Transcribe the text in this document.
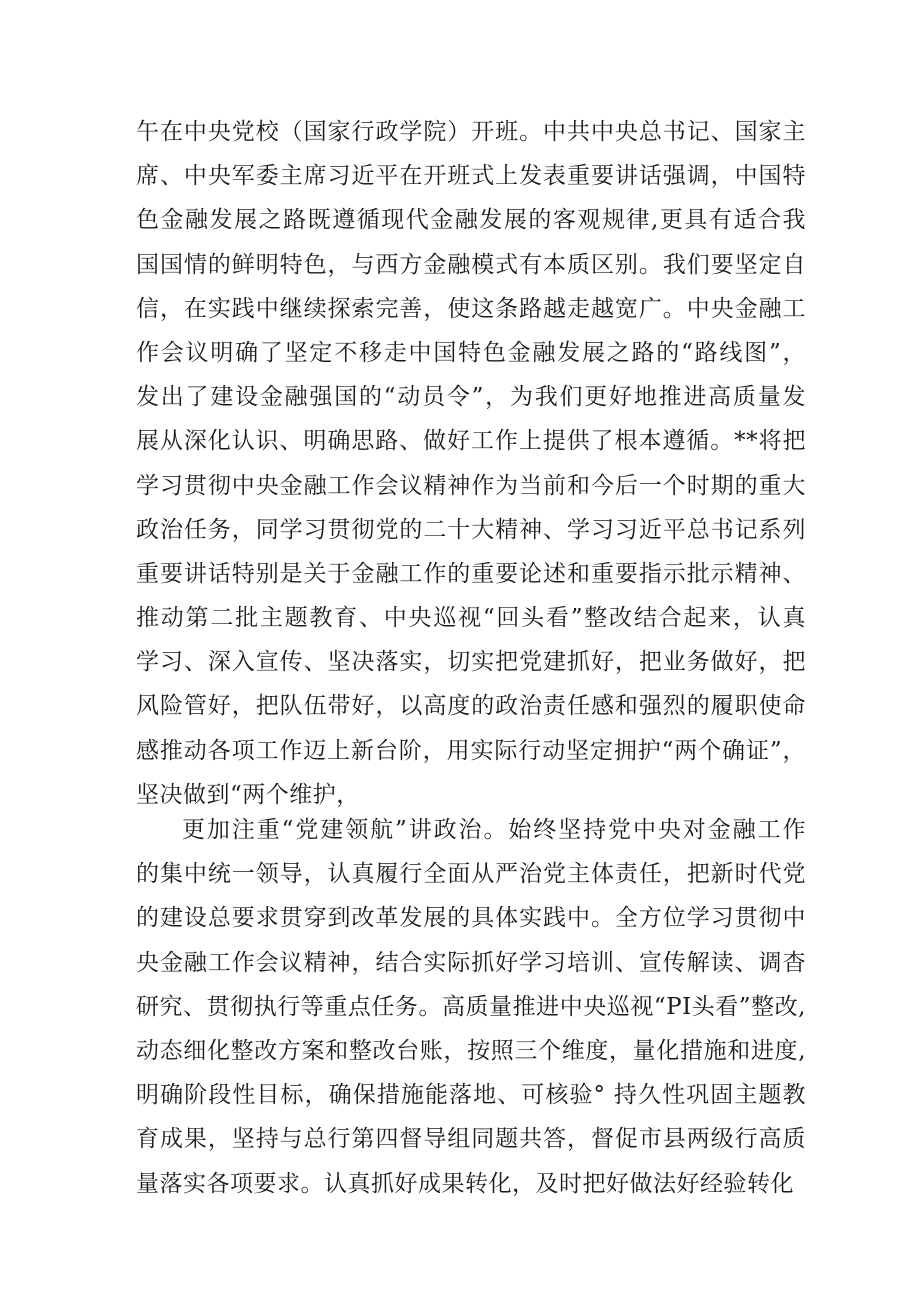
午在中央党校（国家行政学院）开班。中共中央总书记、国家主
席、中央军委主席习近平在开班式上发表重要讲话强调，中国特
色金融发展之路既遵循现代金融发展的客观规律,更具有适合我
国国情的鲜明特色，与西方金融模式有本质区别。我们要坚定自
信，在实践中继续探索完善，使这条路越走越宽广。中央金融工
作会议明确了坚定不移走中国特色金融发展之路的“路线图”，
发出了建设金融强国的“动员令”，为我们更好地推进高质量发
展从深化认识、明确思路、做好工作上提供了根本遵循。**将把
学习贯彻中央金融工作会议精神作为当前和今后一个时期的重大
政治任务，同学习贯彻党的二十大精神、学习习近平总书记系列
重要讲话特别是关于金融工作的重要论述和重要指示批示精神、
推动第二批主题教育、中央巡视“回头看”整改结合起来，认真
学习、深入宣传、坚决落实，切实把党建抓好，把业务做好，把
风险管好，把队伍带好，以高度的政治责任感和强烈的履职使命
感推动各项工作迈上新台阶，用实际行动坚定拥护“两个确证”，
坚决做到“两个维护，
更加注重“党建领航”讲政治。始终坚持党中央对金融工作
的集中统一领导，认真履行全面从严治党主体责任，把新时代党
的建设总要求贯穿到改革发展的具体实践中。全方位学习贯彻中
央金融工作会议精神，结合实际抓好学习培训、宣传解读、调杳
研究、贯彻执行等重点任务。高质量推进中央巡视“PI头看”整改,
动态细化整改方案和整改台账，按照三个维度，量化措施和进度,
明确阶段性目标，确保措施能落地、可核验° 持久性巩固主题教
育成果，坚持与总行第四督导组同题共答，督促市县两级行高质
量落实各项要求。认真抓好成果转化，及时把好做法好经验转化
